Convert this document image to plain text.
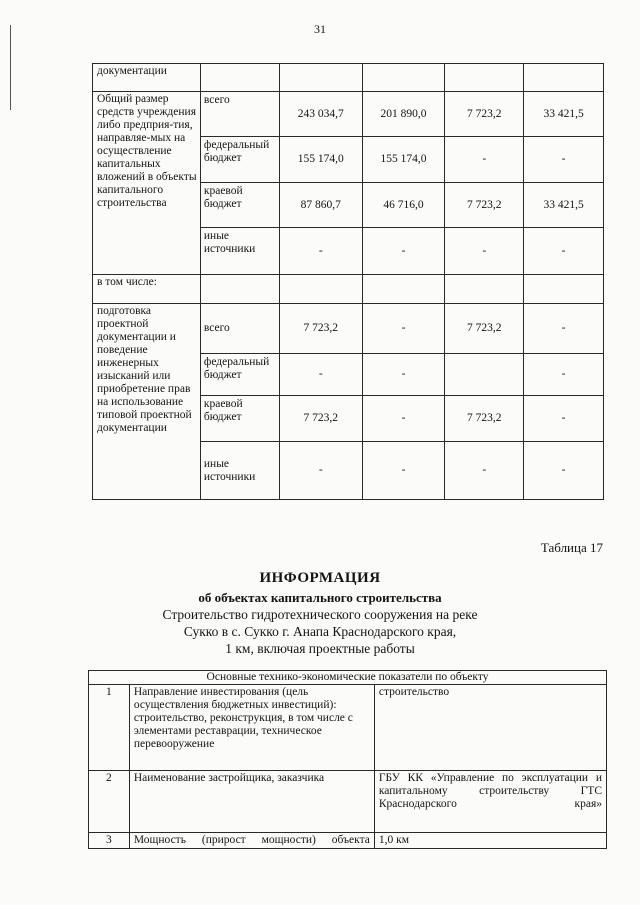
31
документации					
Общий размер средств учреждения либо предприя-тия, направляе-мых на осуществление капитальных вложений в объекты капитального строительства	всего	243 034,7	201 890,0	7 723,2	33 421,5
	федеральный бюджет	155 174,0	155 174,0	-	-
	краевой бюджет	87 860,7	46 716,0	7 723,2	33 421,5
	иные источники	-	-	-	-
в том числе:					
подготовка проектной документации и поведение инженерных изысканий или приобретение прав на использование типовой проектной документации	всего	7 723,2	-	7 723,2	-
	федеральный бюджет	-	-		-
	краевой бюджет	7 723,2	-	7 723,2	-
	иные источники	-	-	-	-
Таблица 17
ИНФОРМАЦИЯ
об объектах капитального строительства
Строительство гидротехнического сооружения на реке
Сукко в с. Сукко г. Анапа Краснодарского края,
1 км, включая проектные работы
Основные технико-экономические показатели по объекту		
1	Направление инвестирования (цель осуществления бюджетных инвестиций): строительство, реконструкция, в том числе с элементами реставрации, техническое перевооружение	строительство
2	Наименование застройщика, заказчика	ГБУ КК «Управление по эксплуатации и капитальному строительству ГТС Краснодарского края»
3	Мощность (прирост мощности) объекта	1,0 км
